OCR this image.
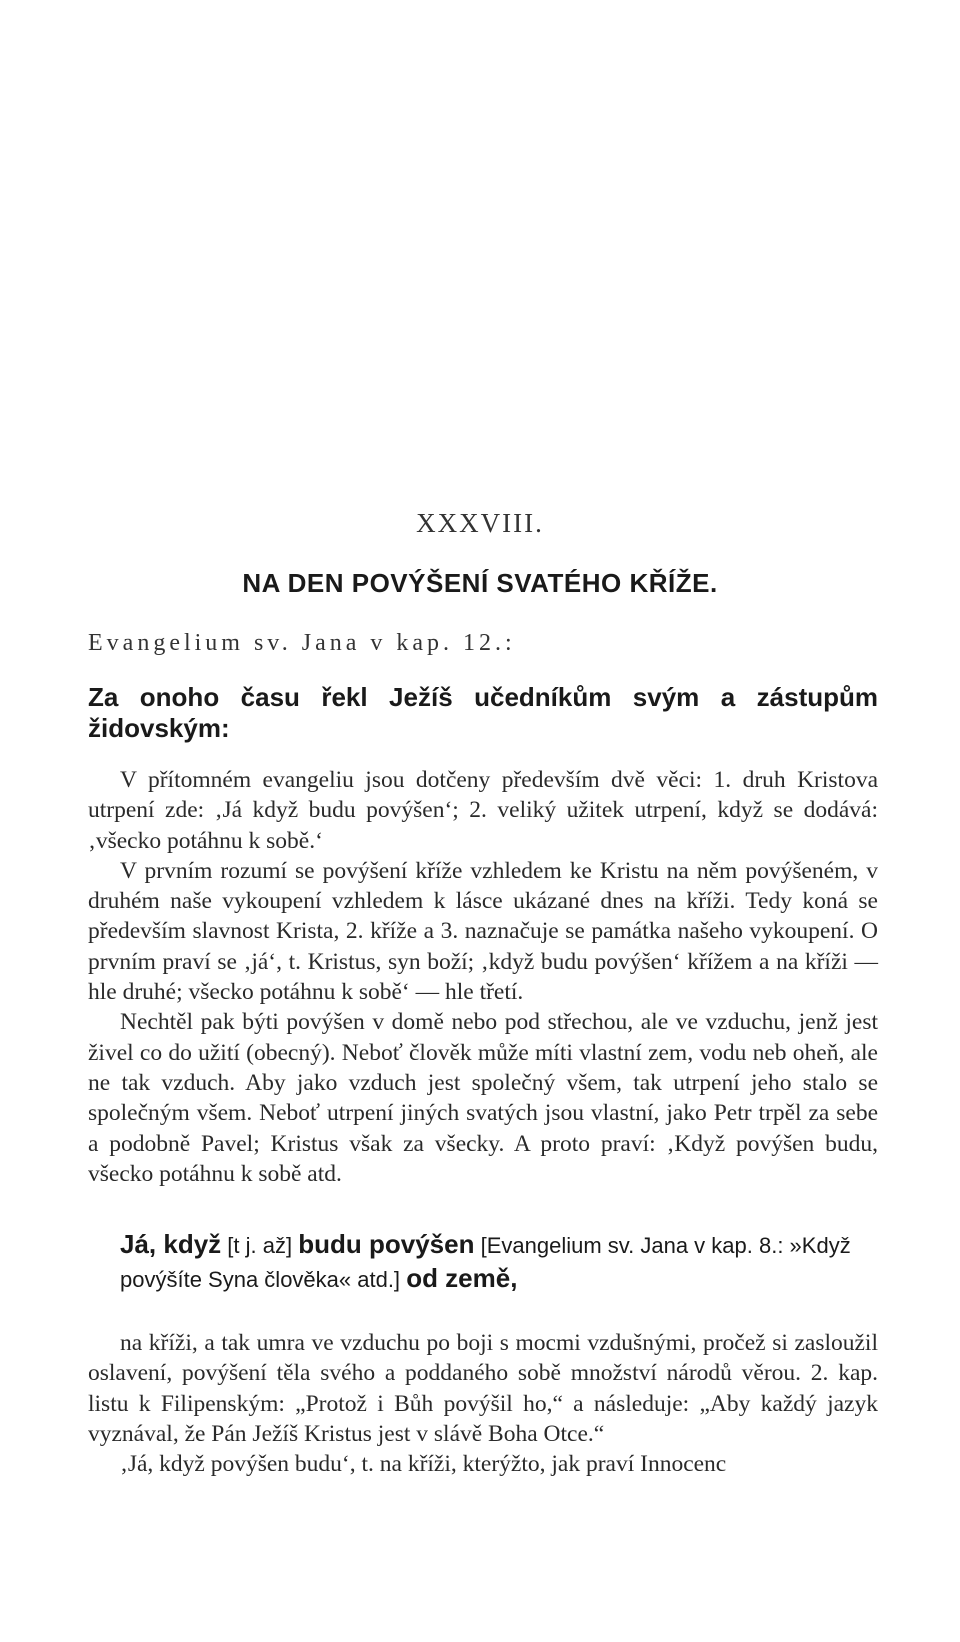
XXXVIII.
NA DEN POVÝŠENÍ SVATÉHO KŘÍŽE.
Evangelium sv. Jana v kap. 12.:
Za onoho času řekl Ježíš učedníkům svým a zástupům židovským:

V přítomném evangeliu jsou dotčeny především dvě věci: 1. druh Kristova utrpení zde: ‚Já když budu povýšen‘; 2. veliký užitek utrpení, když se dodává: ‚všecko potáhnu k sobě.‘

V prvním rozumí se povýšení kříže vzhledem ke Kristu na něm povýšeném, v druhém naše vykoupení vzhledem k lásce ukázané dnes na kříži. Tedy koná se především slavnost Krista, 2. kříže a 3. naznačuje se památka našeho vykoupení. O prvním praví se ‚já‘, t. Kristus, syn boží; ‚když budu povýšen‘ křížem a na kříži — hle druhé; všecko potáhnu k sobě‘ — hle třetí.

Nechtěl pak býti povýšen v domě nebo pod střechou, ale ve vzduchu, jenž jest živel co do užití (obecný). Neboť člověk může míti vlastní zem, vodu neb oheň, ale ne tak vzduch. Aby jako vzduch jest společný všem, tak utrpení jeho stalo se společným všem. Neboť utrpení jiných svatých jsou vlastní, jako Petr trpěl za sebe a podobně Pavel; Kristus však za všecky. A proto praví: ‚Když povýšen budu, všecko potáhnu k sobě atd.

Já, když [t j. až] budu povýšen [Evangelium sv. Jana v kap. 8.: »Když povýšíte Syna člověka« atd.] od země,

na kříži, a tak umra ve vzduchu po boji s mocmi vzdušnými, pročež si zasloužil oslavení, povýšení těla svého a poddaného sobě množství národů věrou. 2. kap. listu k Filipenským: „Protož i Bůh povýšil ho,“ a následuje: „Aby každý jazyk vyznával, že Pán Ježíš Kristus jest v slávě Boha Otce.“

‚Já, když povýšen budu‘, t. na kříži, kterýžto, jak praví Innocenc
